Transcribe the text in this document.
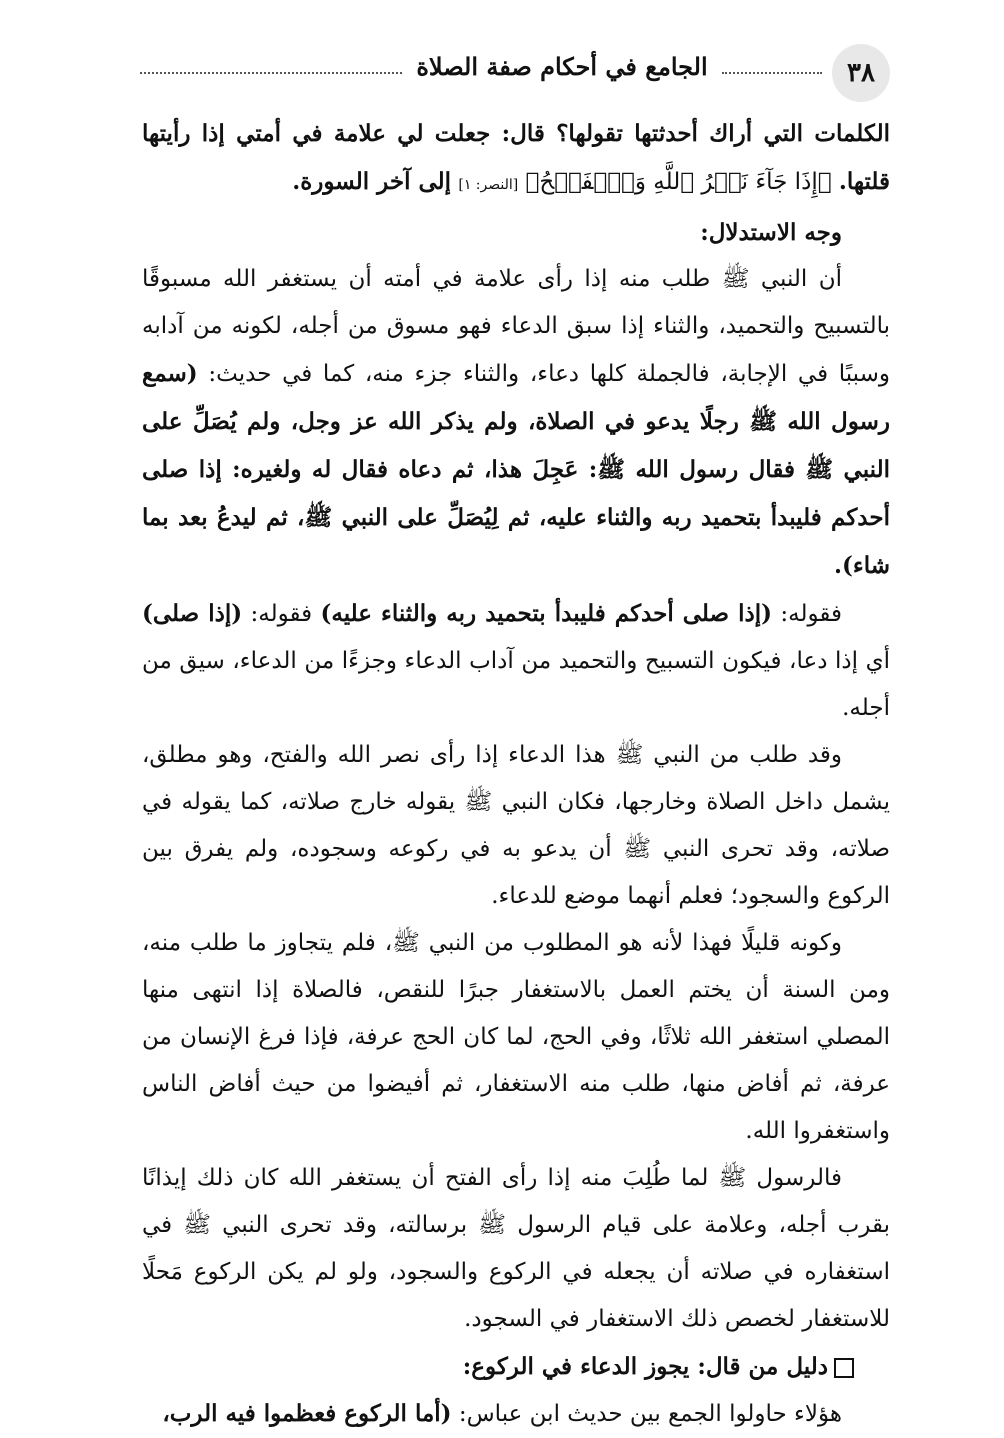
٣٨
الجامع في أحكام صفة الصلاة

الكلمات التي أراك أحدثتها تقولها؟ قال: جعلت لي علامة في أمتي إذا رأيتها قلتها. ﴿إِذَا جَآءَ نَصۡرُ ٱللَّهِ وَٱلۡفَتۡحُ﴾ [النصر: ١] إلى آخر السورة.

وجه الاستدلال:

أن النبي ﷺ طلب منه إذا رأى علامة في أمته أن يستغفر الله مسبوقًا بالتسبيح والتحميد، والثناء إذا سبق الدعاء فهو مسوق من أجله، لكونه من آدابه وسببًا في الإجابة، فالجملة كلها دعاء، والثناء جزء منه، كما في حديث: (سمع رسول الله ﷺ رجلًا يدعو في الصلاة، ولم يذكر الله عز وجل، ولم يُصَلِّ على النبي ﷺ فقال رسول الله ﷺ: عَجِلَ هذا، ثم دعاه فقال له ولغيره: إذا صلى أحدكم فليبدأ بتحميد ربه والثناء عليه، ثم لِيُصَلِّ على النبي ﷺ، ثم ليدعُ بعد بما شاء).

فقوله: (إذا صلى أحدكم فليبدأ بتحميد ربه والثناء عليه) فقوله: (إذا صلى) أي إذا دعا، فيكون التسبيح والتحميد من آداب الدعاء وجزءًا من الدعاء، سيق من أجله.

وقد طلب من النبي ﷺ هذا الدعاء إذا رأى نصر الله والفتح، وهو مطلق، يشمل داخل الصلاة وخارجها، فكان النبي ﷺ يقوله خارج صلاته، كما يقوله في صلاته، وقد تحرى النبي ﷺ أن يدعو به في ركوعه وسجوده، ولم يفرق بين الركوع والسجود؛ فعلم أنهما موضع للدعاء.

وكونه قليلًا فهذا لأنه هو المطلوب من النبي ﷺ، فلم يتجاوز ما طلب منه، ومن السنة أن يختم العمل بالاستغفار جبرًا للنقص، فالصلاة إذا انتهى منها المصلي استغفر الله ثلاثًا، وفي الحج، لما كان الحج عرفة، فإذا فرغ الإنسان من عرفة، ثم أفاض منها، طلب منه الاستغفار، ثم أفيضوا من حيث أفاض الناس واستغفروا الله.

فالرسول ﷺ لما طُلِبَ منه إذا رأى الفتح أن يستغفر الله كان ذلك إيذانًا بقرب أجله، وعلامة على قيام الرسول ﷺ برسالته، وقد تحرى النبي ﷺ في استغفاره في صلاته أن يجعله في الركوع والسجود، ولو لم يكن الركوع مَحلًا للاستغفار لخصص ذلك الاستغفار في السجود.

دليل من قال: يجوز الدعاء في الركوع:

هؤلاء حاولوا الجمع بين حديث ابن عباس: (أما الركوع فعظموا فيه الرب،
